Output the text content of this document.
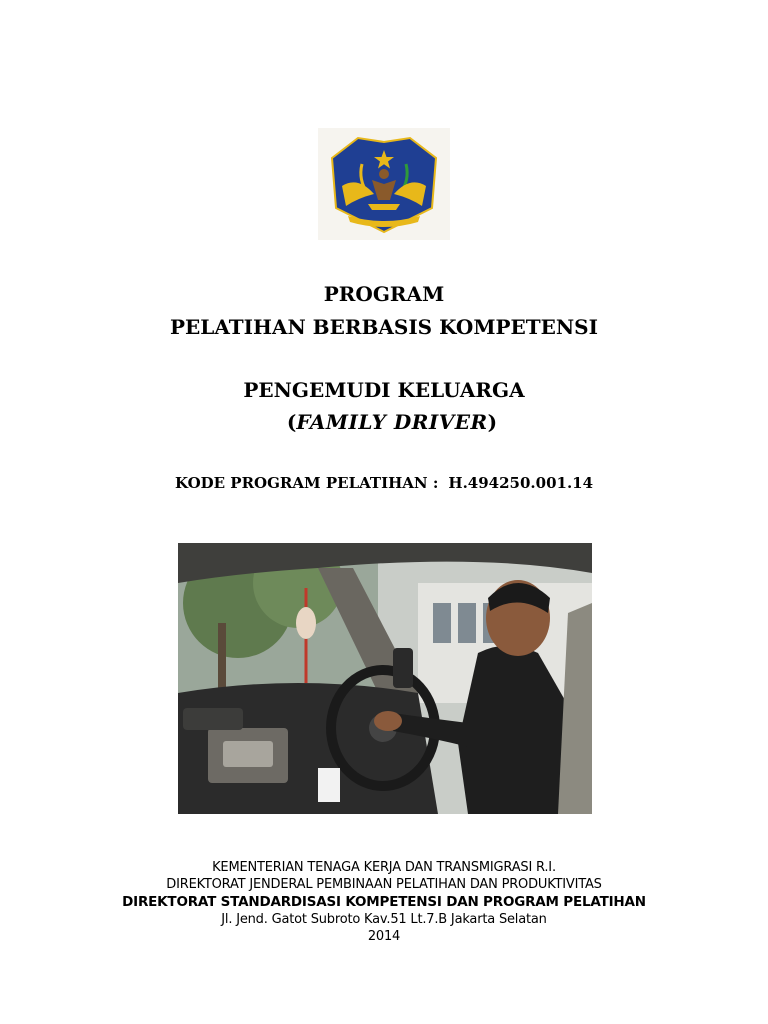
PROGRAM
PELATIHAN BERBASIS KOMPETENSI
PENGEMUDI KELUARGA
(FAMILY DRIVER)
KODE PROGRAM PELATIHAN : H.494250.001.14
KEMENTERIAN TENAGA KERJA DAN TRANSMIGRASI R.I.
DIREKTORAT JENDERAL PEMBINAAN PELATIHAN DAN PRODUKTIVITAS
DIREKTORAT STANDARDISASI KOMPETENSI DAN PROGRAM PELATIHAN
Jl. Jend. Gatot Subroto Kav.51 Lt.7.B Jakarta Selatan
2014
